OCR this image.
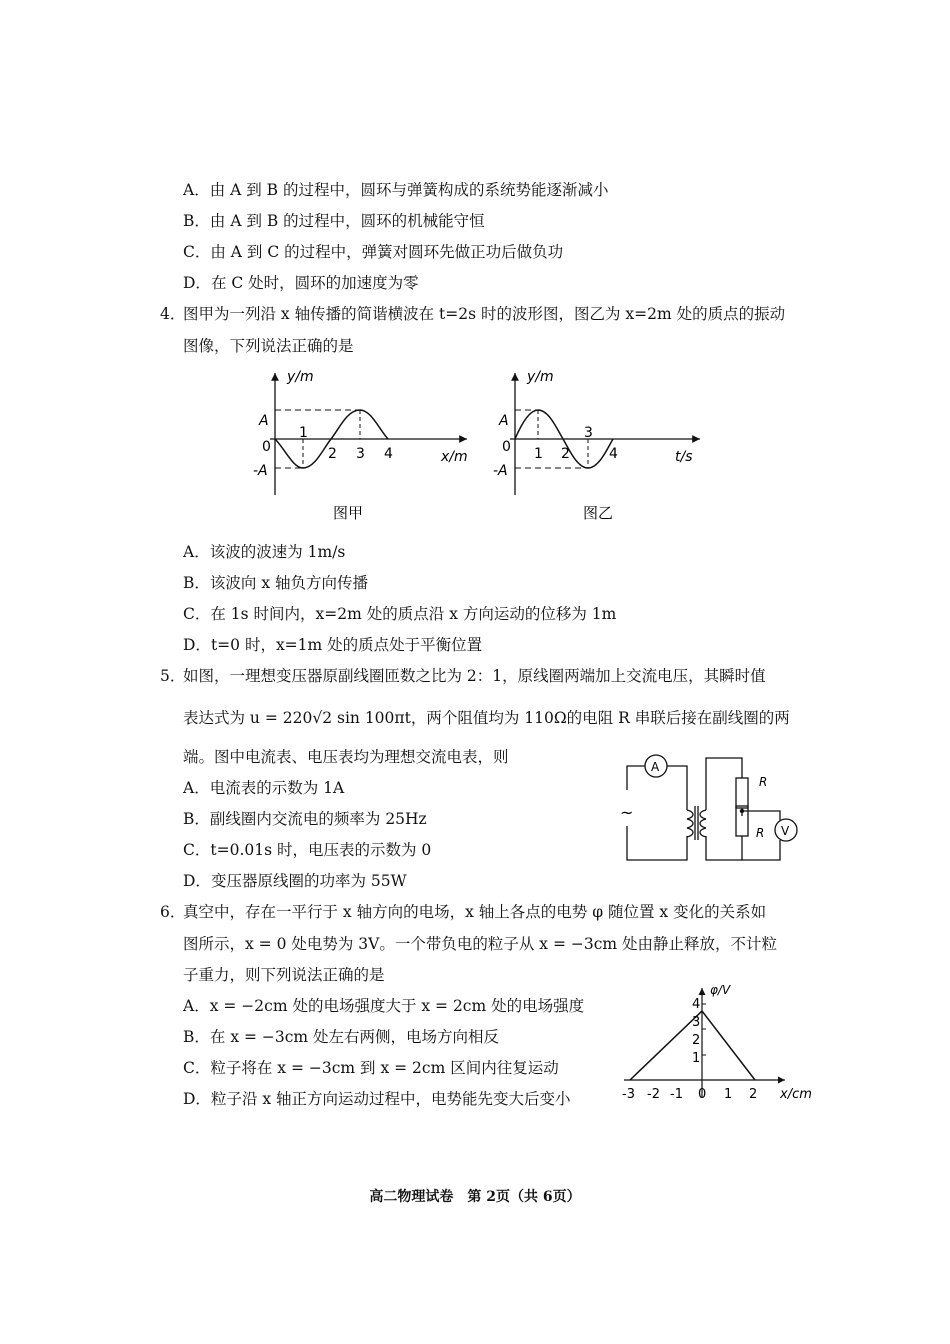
A．由 A 到 B 的过程中，圆环与弹簧构成的系统势能逐渐减小
B．由 A 到 B 的过程中，圆环的机械能守恒
C．由 A 到 C 的过程中，弹簧对圆环先做正功后做负功
D．在 C 处时，圆环的加速度为零
4．
图甲为一列沿 x 轴传播的简谐横波在 t=2s 时的波形图，图乙为 x=2m 处的质点的振动
图像，下列说法正确的是
y/m
A
0
-A
1
2 3 4	x/m
图甲
y/m
A
0
-A
1 2
3
4	t/s
图乙
A．该波的波速为 1m/s
B．该波向 x 轴负方向传播
C．在 1s 时间内，x=2m 处的质点沿 x 方向运动的位移为 1m
D．t=0 时，x=1m 处的质点处于平衡位置
5．
如图，一理想变压器原副线圈匝数之比为 2：1，原线圈两端加上交流电压，其瞬时值
表达式为 u = 220√2 sin 100πt，两个阻值均为 110Ω的电阻 R 串联后接在副线圈的两
端。图中电流表、电压表均为理想交流电表，则
A
V
R
R
~
A．电流表的示数为 1A
B．副线圈内交流电的频率为 25Hz
C．t=0.01s 时，电压表的示数为 0
D．变压器原线圈的功率为 55W
6．
真空中，存在一平行于 x 轴方向的电场，x 轴上各点的电势 φ 随位置 x 变化的关系如
图所示，x = 0 处电势为 3V。一个带负电的粒子从 x = −3cm 处由静止释放，不计粒
子重力，则下列说法正确的是
φ/V
4
3
2
1
-3 -2 -1 0 1 2 x/cm
A．x = −2cm 处的电场强度大于 x = 2cm 处的电场强度
B．在 x = −3cm 处左右两侧，电场方向相反
C．粒子将在 x = −3cm 到 x = 2cm 区间内往复运动
D．粒子沿 x 轴正方向运动过程中，电势能先变大后变小
高二物理试卷　第 2页（共 6页）
